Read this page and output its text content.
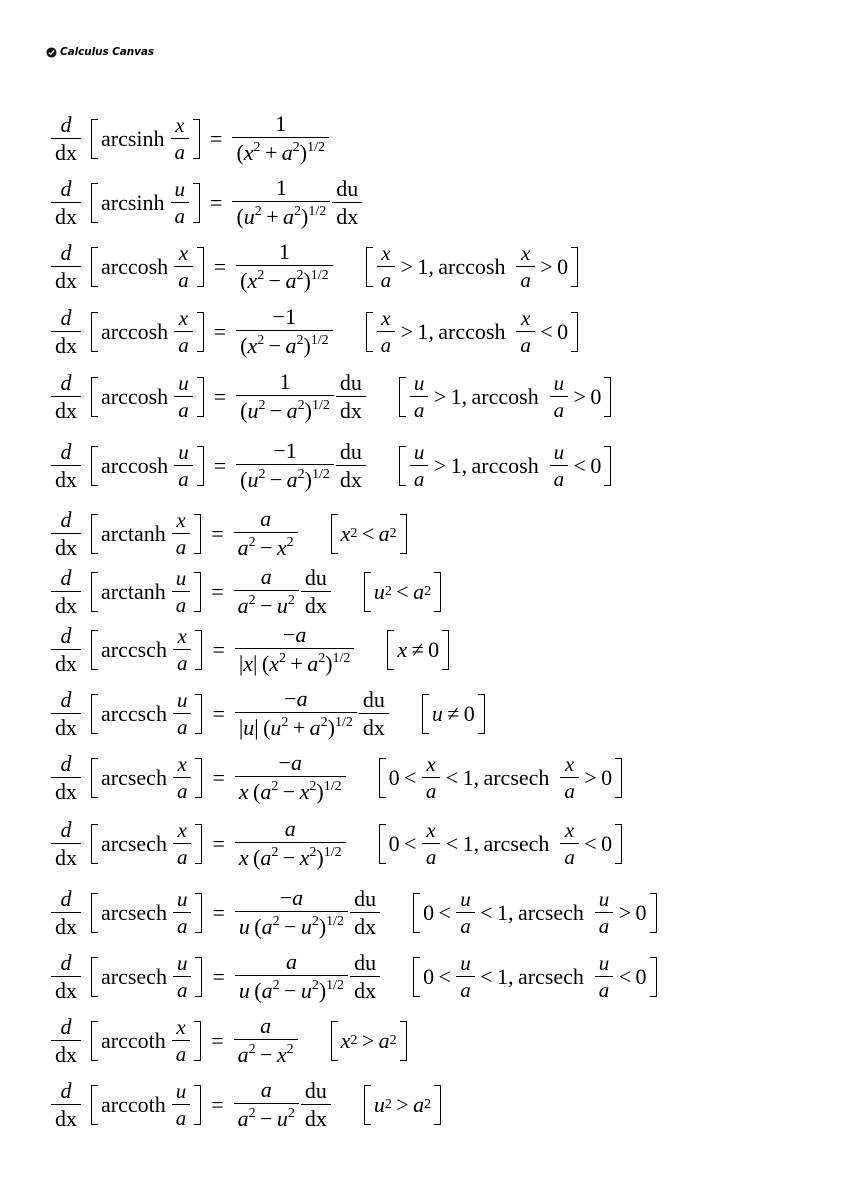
Calculus Canvas
$\frac{d}{dx}$ arcsinh $\frac{x}{a} = \frac{1}{(x^2 + a^2)^{1/2}}$
$\frac{d}{dx}$ arcsinh $\frac{u}{a} = \frac{1}{(u^2 + a^2)^{1/2}} \frac{du}{dx}$
$\frac{d}{dx}$ arccosh $\frac{x}{a} = \frac{1}{(x^2 - a^2)^{1/2}} \frac{x}{a}$
  >  1,  arccosh   $\frac{x}{a}$
  >  0
$\frac{d}{dx}$ arccosh $\frac{x}{a} = \frac{-1}{(x^2 - a^2)^{1/2}} \frac{x}{a}$
  >  1,  arccosh   $\frac{x}{a}$
  <  0
$\frac{d}{dx}$ arccosh $\frac{u}{a} = \frac{1}{(u^2 - a^2)^{1/2}} \frac{du}{dx} \frac{u}{a}$
  >  1,  arccosh   $\frac{u}{a}$
  >  0
$\frac{d}{dx}$ arccosh $\frac{u}{a} = \frac{-1}{(u^2 - a^2)^{1/2}} \frac{du}{dx} \frac{u}{a}$
  >  1,  arccosh   $\frac{u}{a}$
  <  0
$\frac{d}{dx}$ arctanh $\frac{x}{a} = \frac{a}{a^2 - x^2}$ x 2
  <  a 2
$\frac{d}{dx}$ arctanh $\frac{u}{a} = \frac{a}{a^2 - u^2} \frac{du}{dx}$ u 2
  <  a 2
$\frac{d}{dx}$ arccsch $\frac{x}{a} = \frac{-a}{|x| (x^2 + a^2)^{1/2}}$ x
  ≠  0
$\frac{d}{dx}$ arccsch $\frac{u}{a} = \frac{-a}{|u| (u^2 + a^2)^{1/2}} \frac{du}{dx}$ u
  ≠  0
$\frac{d}{dx}$ arcsech $\frac{x}{a} = \frac{-a}{x (a^2 - x^2)^{1/2}} 0 < \frac{x}{a}$
  <  1,  arcsech   $\frac{x}{a}$
  >  0
$\frac{d}{dx}$ arcsech $\frac{x}{a} = \frac{a}{x (a^2 - x^2)^{1/2}} 0 < \frac{x}{a}$
  <  1,  arcsech   $\frac{x}{a}$
  <  0
$\frac{d}{dx}$ arcsech $\frac{u}{a} = \frac{-a}{u (a^2 - u^2)^{1/2}} \frac{du}{dx} 0 < \frac{u}{a}$
  <  1,  arcsech   $\frac{u}{a}$
  >  0
$\frac{d}{dx}$ arcsech $\frac{u}{a} = \frac{a}{u (a^2 - u^2)^{1/2}} \frac{du}{dx} 0 < \frac{u}{a}$
  <  1,  arcsech   $\frac{u}{a}$
  <  0
$\frac{d}{dx}$ arccoth $\frac{x}{a} = \frac{a}{a^2 - x^2}$ x 2
  >  a 2
$\frac{d}{dx}$ arccoth $\frac{u}{a} = \frac{a}{a^2 - u^2} \frac{du}{dx}$ u 2
  >  a 2
